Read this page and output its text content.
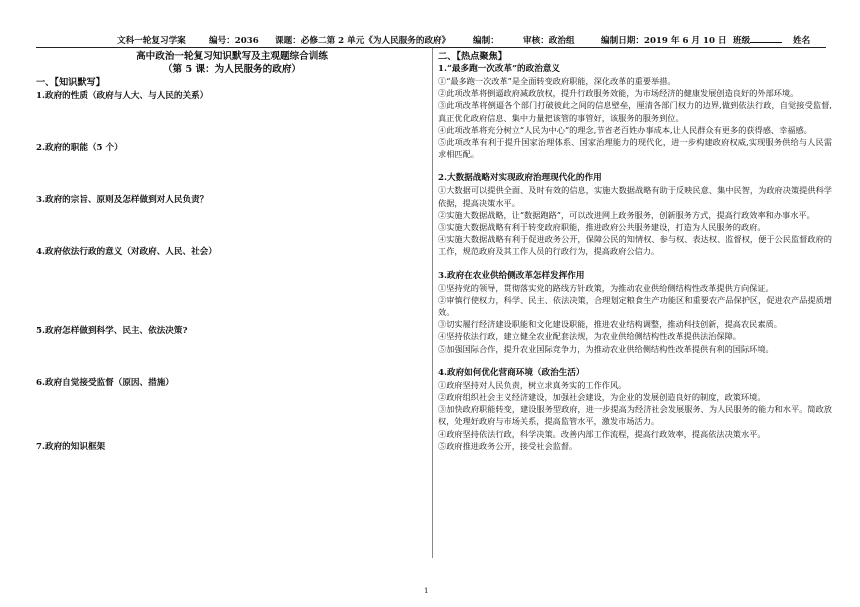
文科一轮复习学案	编号：2036 课题：必修二第 2 单元《为人民服务的政府》	编制：	审核：政治组	编制日期：2019 年 6 月 10 日 班级	姓名
高中政治一轮复习知识默写及主观题综合训练
（第 5 课：为人民服务的政府）
一、【知识默写】
1.政府的性质（政府与人大、与人民的关系）
2.政府的职能（5 个）
3.政府的宗旨、原则及怎样做到对人民负责？
4.政府依法行政的意义（对政府、人民、社会）
5.政府怎样做到科学、民主、依法决策?
6.政府自觉接受监督（原因、措施）
7.政府的知识框架
二、【热点聚焦】
1.“最多跑一次改革”的政治意义
①“最多跑一次改革”是全面转变政府职能，深化改革的重要举措。
②此项改革将倒逼政府减政放权，提升行政服务效能，为市场经济的健康发展创造良好的外部环境。
③此项改革将倒逼各个部门打破彼此之间的信息壁垒，厘清各部门权力的边界,做到依法行政，自觉接受监督,真正优化政府信息、集中力量把该管的事管好，该服务的服务到位。
④此项改革将充分树立“人民为中心”的理念,节省老百姓办事成本,让人民群众有更多的获得感、幸福感。
⑤此项改革有利于提升国家治理体系、国家治理能力的现代化，进一步构建政府权威,实现服务供给与人民需求相匹配。
2.大数据战略对实现政府治理现代化的作用
①大数据可以提供全面、及时有效的信息，实施大数据战略有助于反映民意、集中民智，为政府决策提供科学依据，提高决策水平。
②实施大数据战略，让“数据跑路”，可以改进网上政务服务，创新服务方式，提高行政效率和办事水平。
③实施大数据战略有利于转变政府职能，推进政府公共服务建设，打造为人民服务的政府。
④实施大数据战略有利于促进政务公开，保障公民的知情权、参与权、表达权、监督权，便于公民监督政府的工作，规范政府及其工作人员的行政行为，提高政府公信力。
3.政府在农业供给侧改革怎样发挥作用
①坚持党的领导，贯彻落实党的路线方针政策，为推动农业供给侧结构性改革提供方向保证。
②审慎行使权力，科学、民主、依法决策，合理划定粮食生产功能区和重要农产品保护区，促进农产品提质增效。
③切实履行经济建设职能和文化建设职能，推进农业结构调整，推动科技创新，提高农民素质。
④坚持依法行政，建立健全农业配套法规，为农业供给侧结构性改革提供法治保障。
⑤加强国际合作，提升农业国际竞争力，为推动农业供给侧结构性改革提供有利的国际环境。
4.政府如何优化营商环境（政治生活）
①政府坚持对人民负责，树立求真务实的工作作风。
②政府组织社会主义经济建设，加强社会建设，为企业的发展创造良好的制度，政策环境。
③加快政府职能转变，建设服务型政府，进一步提高为经济社会发展服务、为人民服务的能力和水平。简政放权，处理好政府与市场关系，提高监管水平，激发市场活力。
④政府坚持依法行政，科学决策。改善内部工作流程，提高行政效率，提高依法决策水平。
⑤政府推进政务公开，接受社会监督。
1
